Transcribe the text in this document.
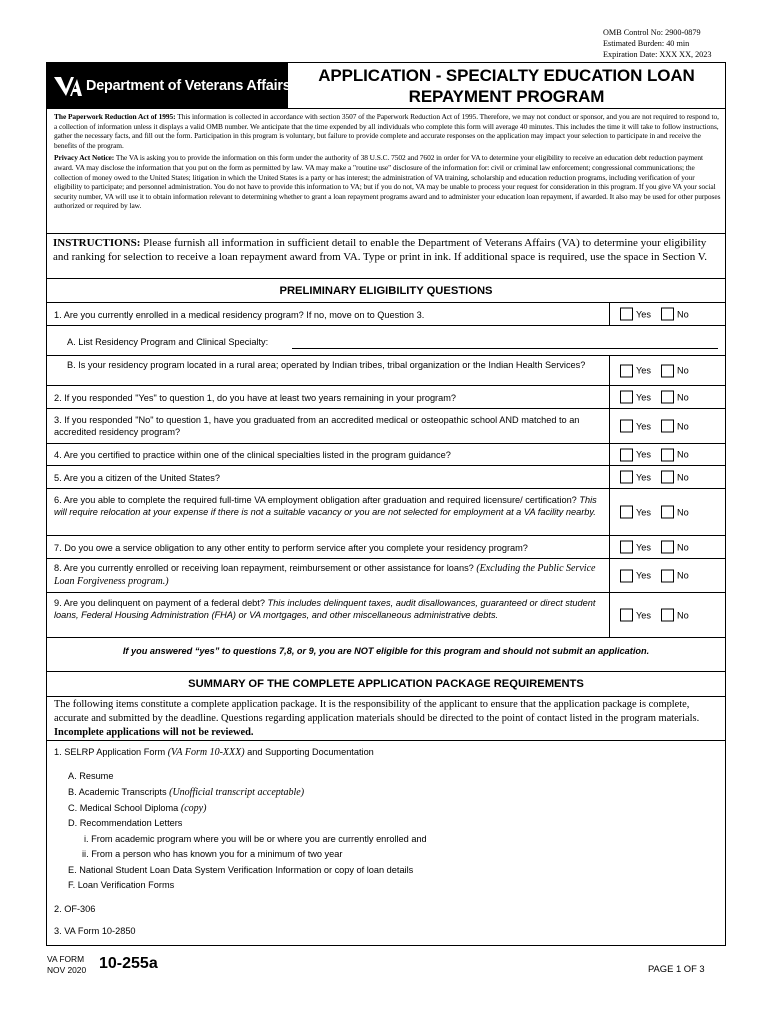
OMB Control No: 2900-0879
Estimated Burden: 40 min
Expiration Date: XXX XX, 2023
Department of Veterans Affairs
APPLICATION - SPECIALTY EDUCATION LOAN
REPAYMENT PROGRAM

The Paperwork Reduction Act of 1995: This information is collected in accordance with section 3507 of the Paperwork Reduction Act of 1995. Therefore, we may not conduct or sponsor, and you are not required to respond to, a collection of information unless it displays a valid OMB number. We anticipate that the time expended by all individuals who complete this form will average 40 minutes. This includes the time it will take to follow instructions, gather the necessary facts, and fill out the form. Participation in this program is voluntary, but failure to provide complete and accurate responses on the application may impact your selection to participate in and receive the benefits of the program.

Privacy Act Notice: The VA is asking you to provide the information on this form under the authority of 38 U.S.C. 7502 and 7602 in order for VA to determine your eligibility to receive an education debt reduction payment award. VA may disclose the information that you put on the form as permitted by law. VA may make a "routine use" disclosure of the information for: civil or criminal law enforcement; congressional communications; the collection of money owed to the United States; litigation in which the United States is a party or has interest; the administration of VA training, scholarship and education reduction programs, including verification of your eligibility to participate; and personnel administration. You do not have to provide this information to VA; but if you do not, VA may be unable to process your request for consideration in this program. If you give VA your social security number, VA will use it to obtain information relevant to determining whether to grant a loan repayment programs award and to administer your education loan repayment, if awarded. It also may be used for other purposes authorized or required by law.

INSTRUCTIONS: Please furnish all information in sufficient detail to enable the Department of Veterans Affairs (VA) to determine your eligibility and ranking for selection to receive a loan repayment award from VA. Type or print in ink. If additional space is required, use the space in Section V.
PRELIMINARY ELIGIBILITY QUESTIONS
1. Are you currently enrolled in a medical residency program? If no, move on to Question 3.	Yes	No
A. List Residency Program and Clinical Specialty:
B. Is your residency program located in a rural area; operated by Indian tribes, tribal organization or the Indian Health Services?
Yes	No
2. If you responded "Yes" to question 1, do you have at least two years remaining in your program?	Yes	No
3. If you responded "No" to question 1, have you graduated from an accredited medical or osteopathic school AND matched to an accredited residency program?
Yes	No
4. Are you certified to practice within one of the clinical specialties listed in the program guidance?	Yes	No
5. Are you a citizen of the United States?	Yes	No
6. Are you able to complete the required full-time VA employment obligation after graduation and required licensure/ certification? This will require relocation at your expense if there is not a suitable vacancy or you are not selected for employment at a VA facility nearby.	Yes	No
7. Do you owe a service obligation to any other entity to perform service after you complete your residency program?	Yes	No
8. Are you currently enrolled or receiving loan repayment, reimbursement or other assistance for loans? (Excluding the Public Service Loan Forgiveness program.)
Yes	No
9. Are you delinquent on payment of a federal debt? This includes delinquent taxes, audit disallowances, guaranteed or direct student loans, Federal Housing Administration (FHA) or VA mortgages, and other miscellaneous administrative debts.	Yes	No
If you answered “yes” to questions 7,8, or 9, you are NOT eligible for this program and should not submit an application.
SUMMARY OF THE COMPLETE APPLICATION PACKAGE REQUIREMENTS
The following items constitute a complete application package. It is the responsibility of the applicant to ensure that the application package is complete, accurate and submitted by the deadline. Questions regarding application materials should be directed to the point of contact listed in the program materials. Incomplete applications will not be reviewed.
1. SELRP Application Form (VA Form 10-XXX) and Supporting Documentation
A. Resume
B. Academic Transcripts (Unofficial transcript acceptable)
C. Medical School Diploma (copy)
D. Recommendation Letters
i. From academic program where you will be or where you are currently enrolled and
ii. From a person who has known you for a minimum of two year
E. National Student Loan Data System Verification Information or copy of loan details
F. Loan Verification Forms
2. OF-306
3. VA Form 10-2850
VA FORM
NOV 2020 10-255a	PAGE 1 OF 3
